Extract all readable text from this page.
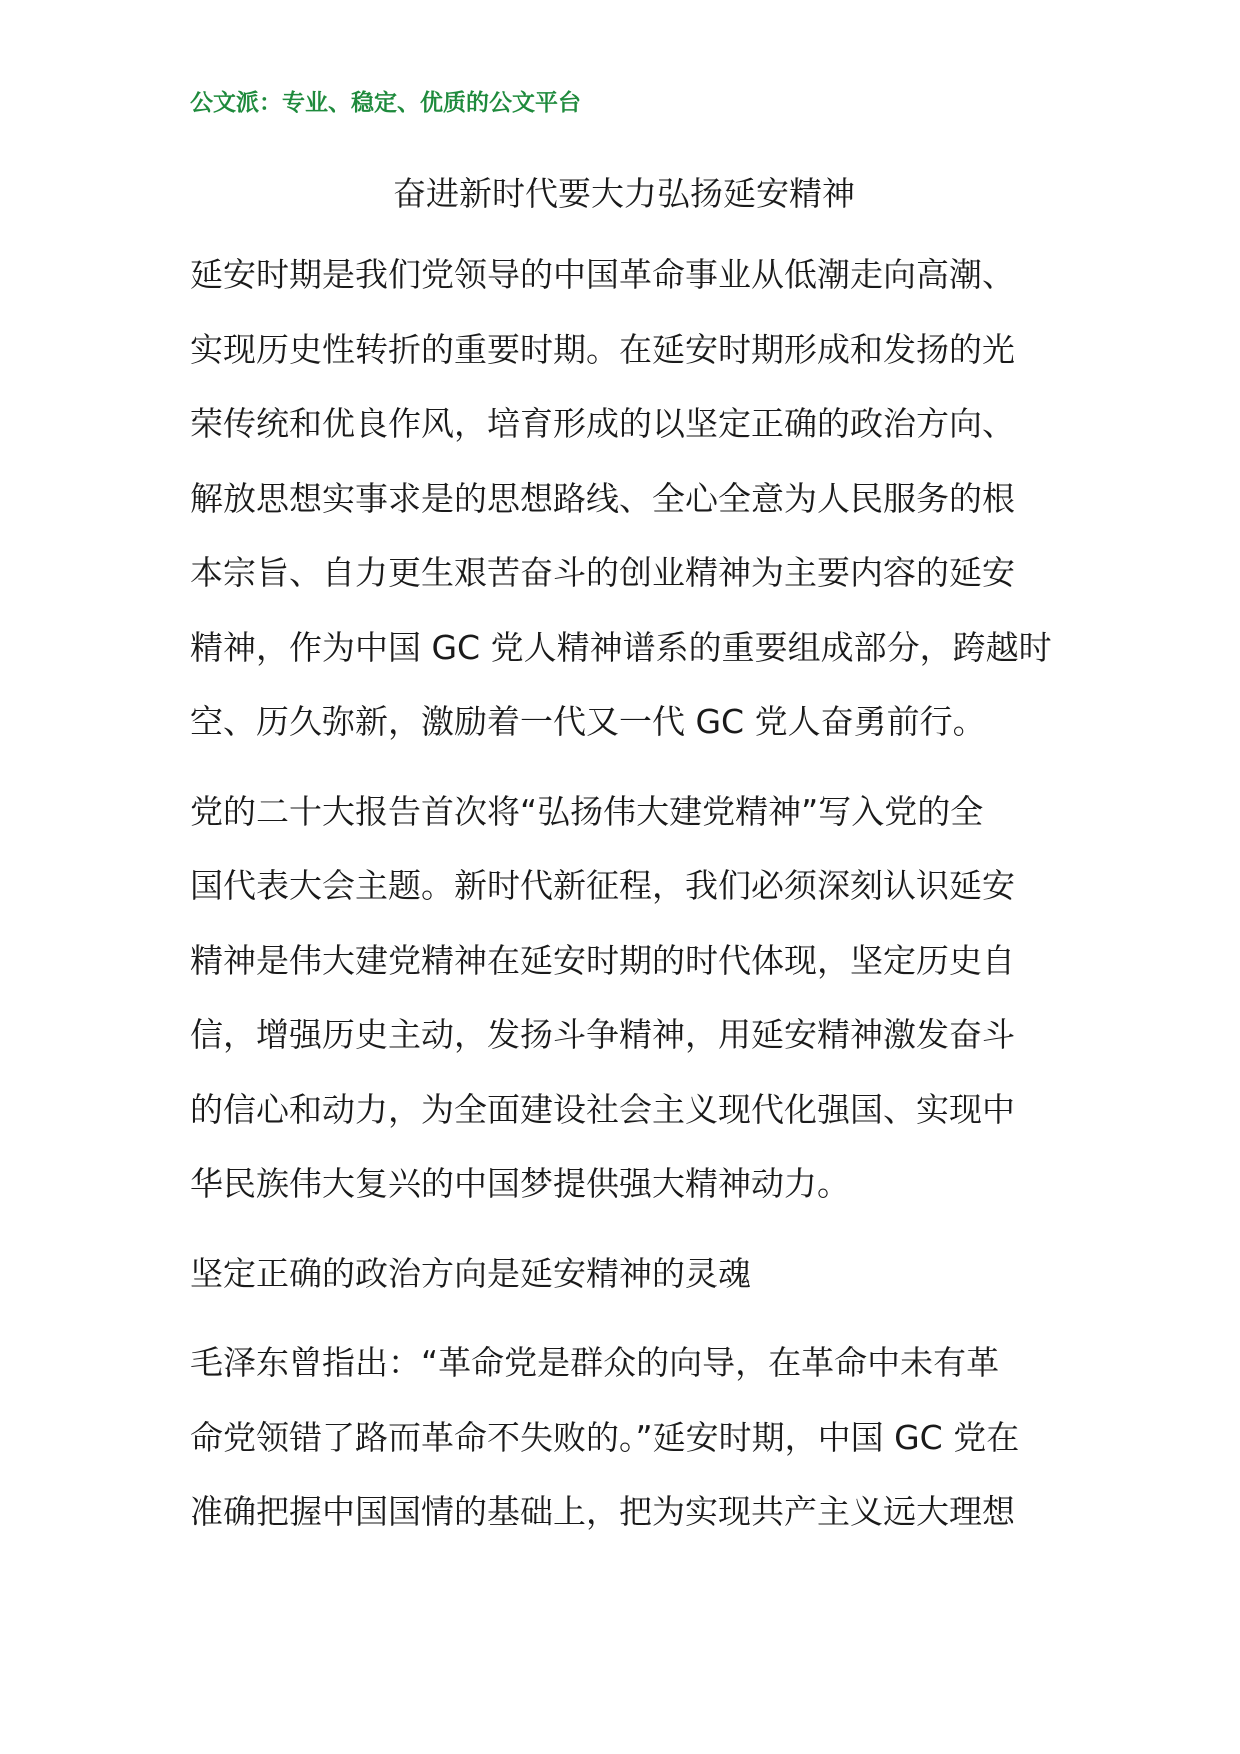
公文派：专业、稳定、优质的公文平台
奋进新时代要大力弘扬延安精神
延安时期是我们党领导的中国革命事业从低潮走向高潮、
实现历史性转折的重要时期。在延安时期形成和发扬的光
荣传统和优良作风，培育形成的以坚定正确的政治方向、
解放思想实事求是的思想路线、全心全意为人民服务的根
本宗旨、自力更生艰苦奋斗的创业精神为主要内容的延安
精神，作为中国 GC 党人精神谱系的重要组成部分，跨越时
空、历久弥新，激励着一代又一代 GC 党人奋勇前行。
党的二十大报告首次将“弘扬伟大建党精神”写入党的全
国代表大会主题。新时代新征程，我们必须深刻认识延安
精神是伟大建党精神在延安时期的时代体现，坚定历史自
信，增强历史主动，发扬斗争精神，用延安精神激发奋斗
的信心和动力，为全面建设社会主义现代化强国、实现中
华民族伟大复兴的中国梦提供强大精神动力。
坚定正确的政治方向是延安精神的灵魂
毛泽东曾指出：“革命党是群众的向导，在革命中未有革
命党领错了路而革命不失败的。”延安时期，中国 GC 党在
准确把握中国国情的基础上，把为实现共产主义远大理想
